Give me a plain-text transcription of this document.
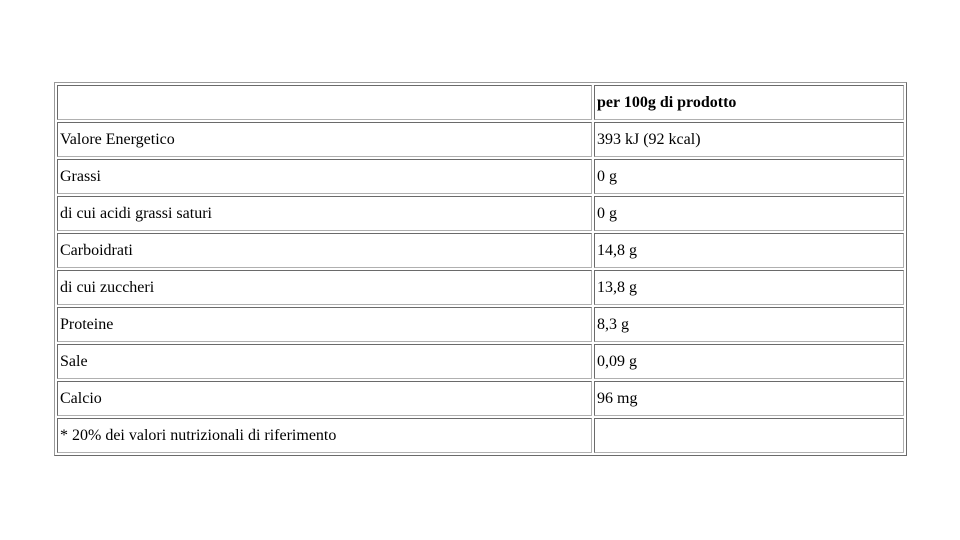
	per 100g di prodotto
Valore Energetico	393 kJ (92 kcal)
Grassi	0 g
di cui acidi grassi saturi	0 g
Carboidrati	14,8 g
di cui zuccheri	13,8 g
Proteine	8,3 g
Sale	0,09 g
Calcio	96 mg
* 20% dei valori nutrizionali di riferimento	
